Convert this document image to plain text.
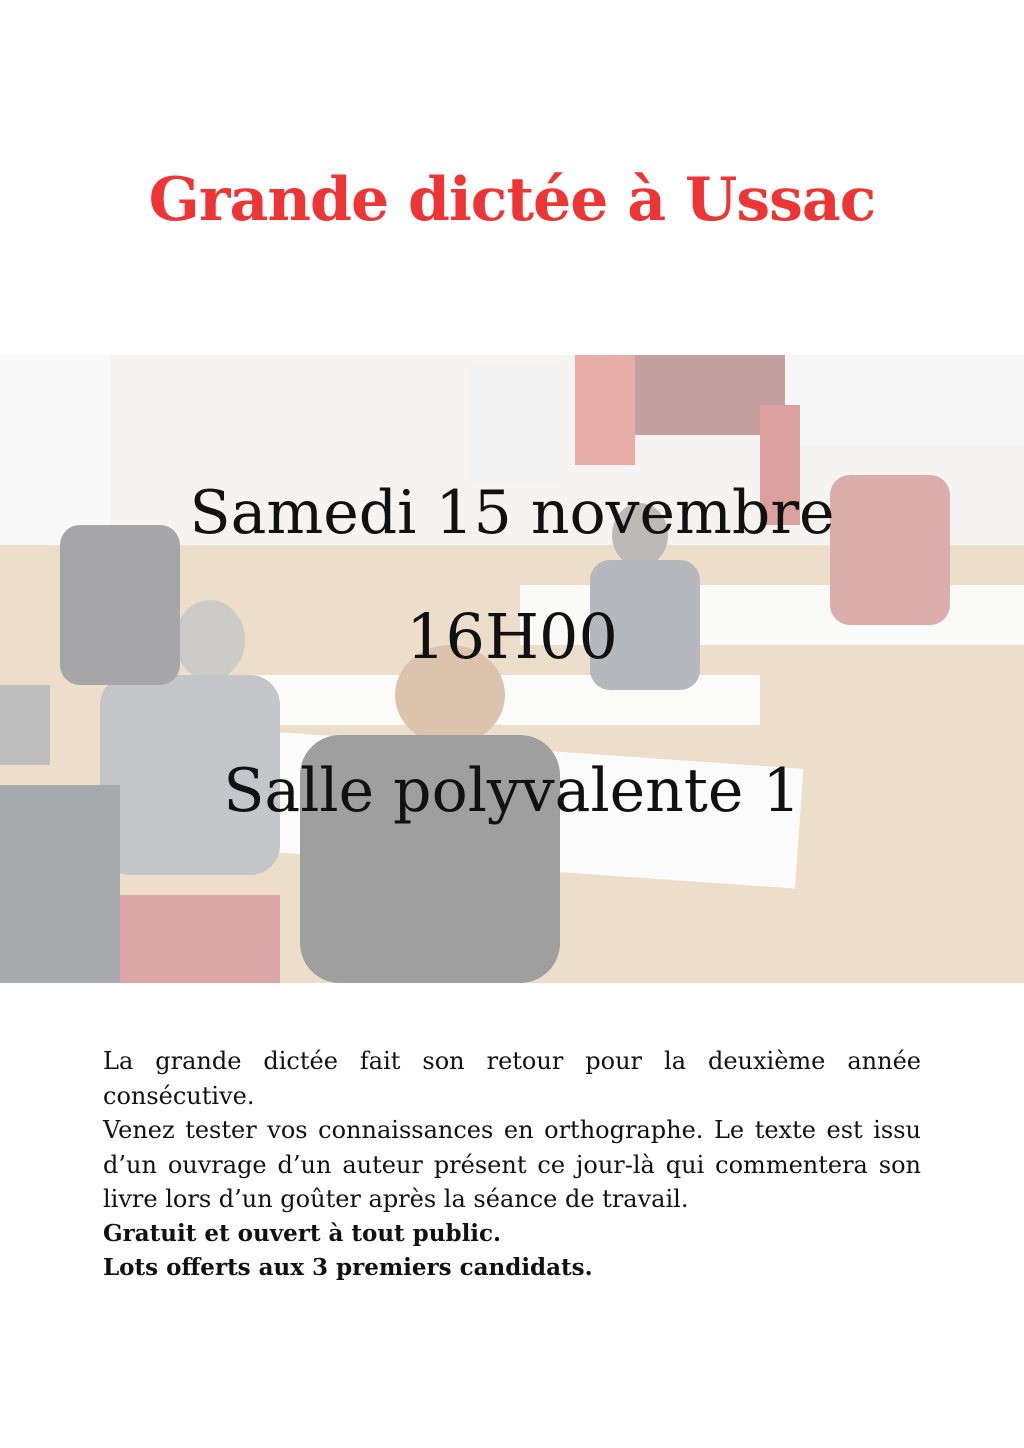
Grande dictée à Ussac

Samedi 15 novembre

16H00

Salle polyvalente 1

La grande dictée fait son retour pour la deuxième année consécutive.

Venez tester vos connaissances en orthographe. Le texte est issu d’un ouvrage d’un auteur présent ce jour-là qui commentera son livre lors d’un goûter après la séance de travail.

Gratuit et ouvert à tout public.

Lots offerts aux 3 premiers candidats.
